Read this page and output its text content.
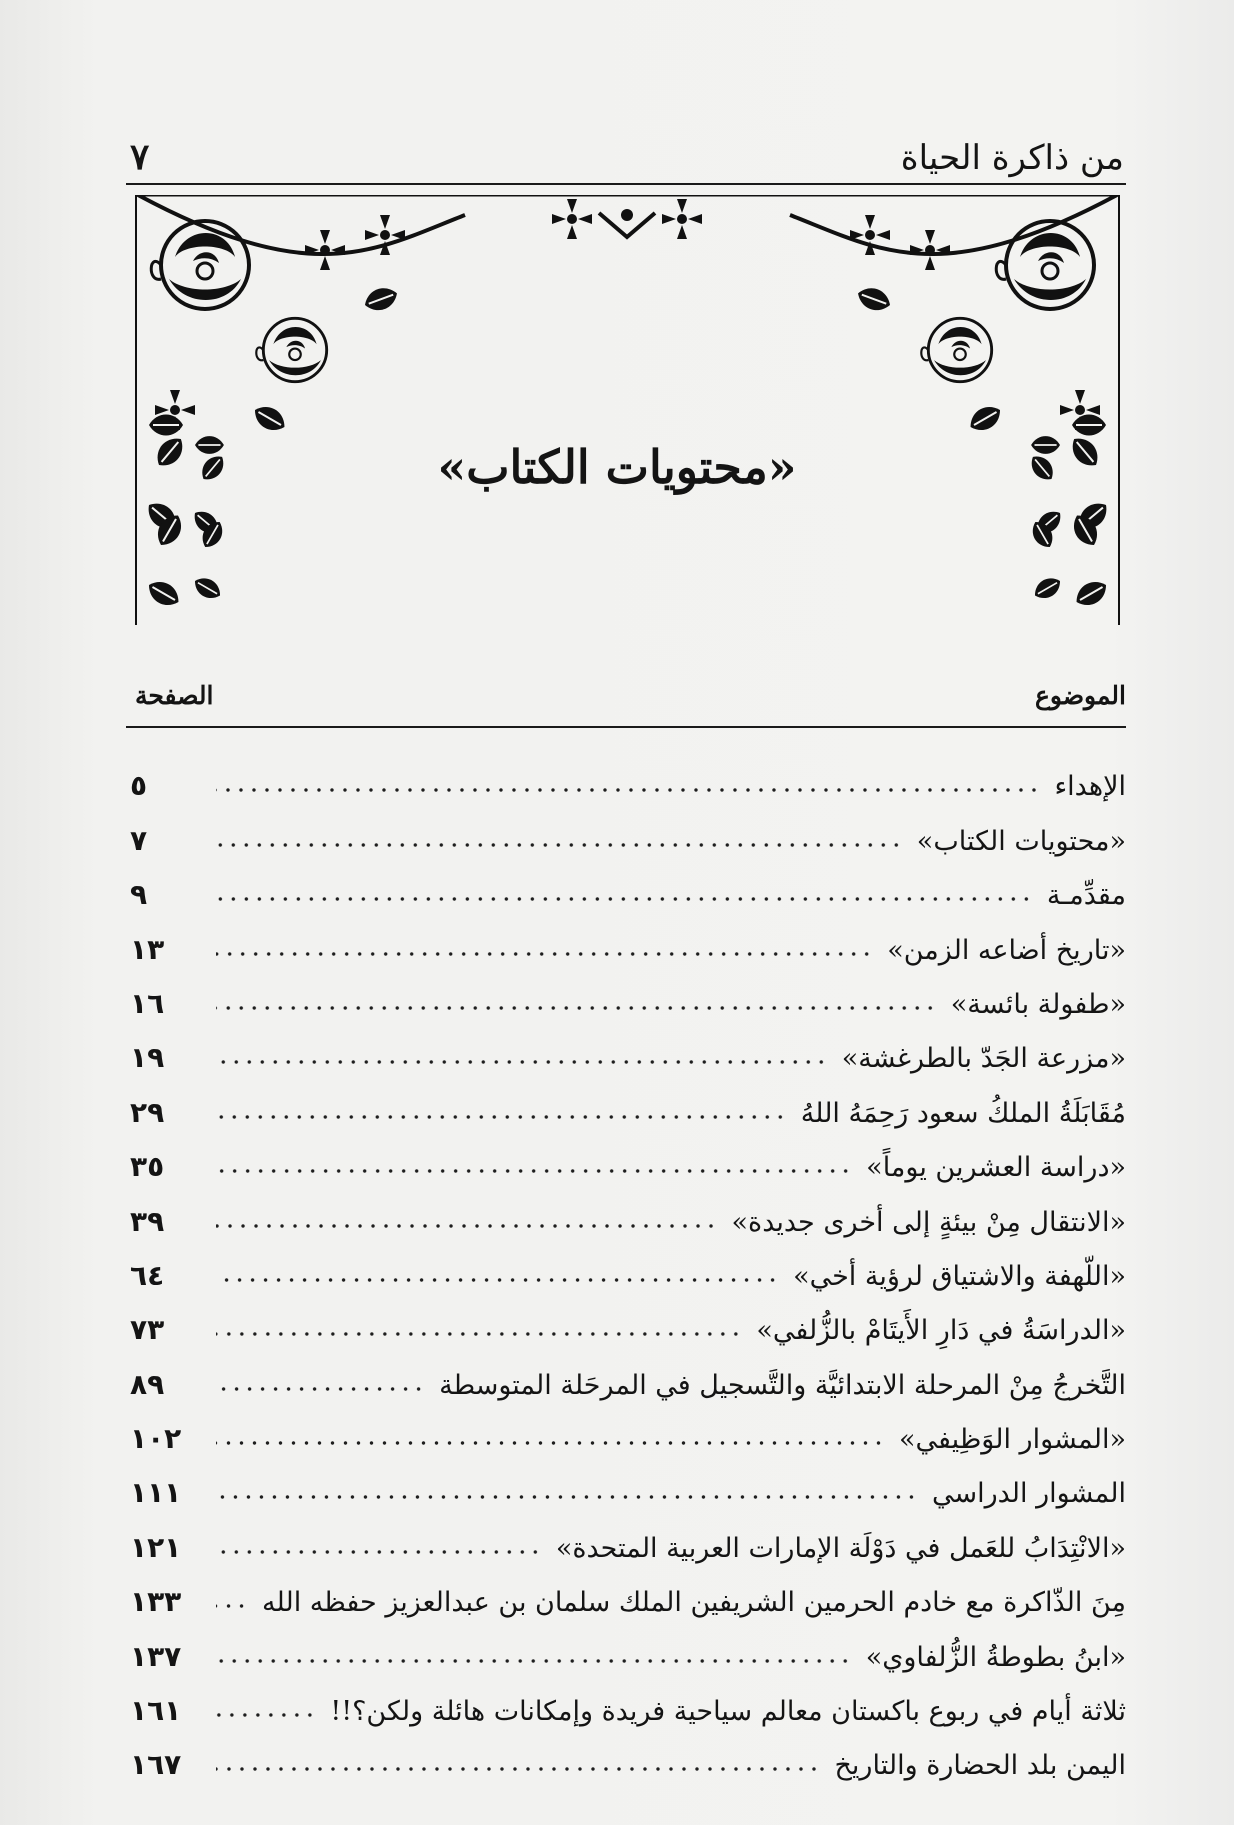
من ذاكرة الحياة
٧
«محتويات الكتاب»
الموضوع
الصفحة
الإهداء
٥
«محتويات الكتاب»
٧
مقدِّمـة
٩
«تاريخ أضاعه الزمن»
١٣
«طفولة بائسة»
١٦
«مزرعة الجَدّ بالطرغشة»
١٩
مُقَابَلَةُ الملكُ سعود رَحِمَهُ اللهُ
٢٩
«دراسة العشرين يوماً»
٣٥
«الانتقال مِنْ بيئةٍ إلى أخرى جديدة»
٣٩
«اللّهفة والاشتياق لرؤية أخي»
٦٤
«الدراسَةُ في دَارِ الأَيتَامْ بالزُّلفي»
٧٣
التَّخرجُ مِنْ المرحلة الابتدائيَّة والتَّسجيل في المرحَلة المتوسطة
٨٩
«المشوار الوَظِيفي»
١٠٢
المشوار الدراسي
١١١
«الانْتِدَابُ للعَمل في دَوْلَة الإمارات العربية المتحدة»
١٢١
مِنَ الذّاكرة مع خادم الحرمين الشريفين الملك سلمان بن عبدالعزيز حفظه الله
١٣٣
«ابنُ بطوطةُ الزُّلفاوي»
١٣٧
ثلاثة أيام في ربوع باكستان معالم سياحية فريدة وإمكانات هائلة ولكن؟!!
١٦١
اليمن بلد الحضارة والتاريخ
١٦٧
